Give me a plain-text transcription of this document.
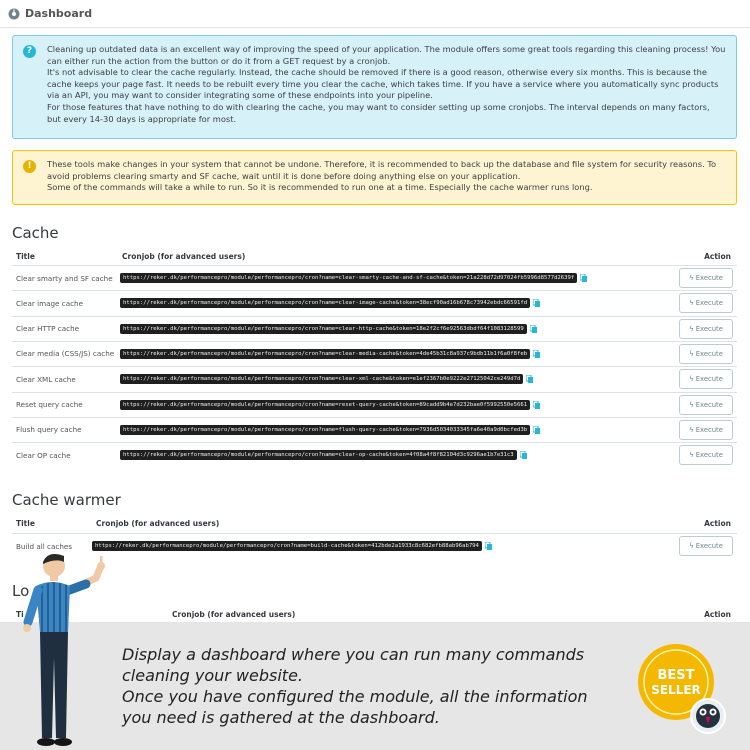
Dashboard
?	Cleaning up outdated data is an excellent way of improving the speed of your application. The module offers some great tools regarding this cleaning process! You can either run the action from the button or do it from a GET request by a cronjob.

It's not advisable to clear the cache regularly. Instead, the cache should be removed if there is a good reason, otherwise every six months. This is because the cache keeps your page fast. It needs to be rebuilt every time you clear the cache, which takes time. If you have a service where you automatically sync products via an API, you may want to consider integrating some of these endpoints into your pipeline.

For those features that have nothing to do with clearing the cache, you may want to consider setting up some cronjobs. The interval depends on many factors, but every 14-30 days is appropriate for most.

!	These tools make changes in your system that cannot be undone. Therefore, it is recommended to back up the database and file system for security reasons. To avoid problems clearing smarty and SF cache, wait until it is done before doing anything else on your application.

Some of the commands will take a while to run. So it is recommended to run one at a time. Especially the cache warmer runs long.

Cache
Title	Cronjob (for advanced users)	Action
Clear smarty and SF cache	https://reker.dk/performancepro/module/performancepro/cron?name=clear-smarty-cache-and-sf-cache&token=21a228d72d97024fb5996d8577d2639f	ϟ Execute
Clear image cache	https://reker.dk/performancepro/module/performancepro/cron?name=clear-image-cache&token=38ecf90ad16b678c73942ebdc66591fd	ϟ Execute
Clear HTTP cache	https://reker.dk/performancepro/module/performancepro/cron?name=clear-http-cache&token=18e2f2cf6e92563dbdf64f1083128599	ϟ Execute
Clear media (CSS/JS) cache	https://reker.dk/performancepro/module/performancepro/cron?name=clear-media-cache&token=4de45b31c8a937c9bdb11b1f6a0f8feb	ϟ Execute
Clear XML cache	https://reker.dk/performancepro/module/performancepro/cron?name=clear-xml-cache&token=e1ef2367b0e9222e27125042ce249d7d	ϟ Execute
Reset query cache	https://reker.dk/performancepro/module/performancepro/cron?name=reset-query-cache&token=89cadd9b4e7d232bae0f5992550e5661	ϟ Execute
Flush query cache	https://reker.dk/performancepro/module/performancepro/cron?name=flush-query-cache&token=7936d5034033345fa6e40a9d0bcfed3b	ϟ Execute
Clear OP cache	https://reker.dk/performancepro/module/performancepro/cron?name=clear-op-cache&token=4f08a4f8f82104d3c9296ae1b7e31c3	ϟ Execute
Cache warmer
Title	Cronjob (for advanced users)	Action
Build all caches	https://reker.dk/performancepro/module/performancepro/cron?name=build-cache&token=412bde2a1933c8c682efb88ab96ab794	ϟ Execute
Lo
Ti	Cronjob (for advanced users)	Action
Display a dashboard where you can run many commands cleaning your website.
Once you have configured the module, all the information you need is gathered at the dashboard.
BEST
SELLER
